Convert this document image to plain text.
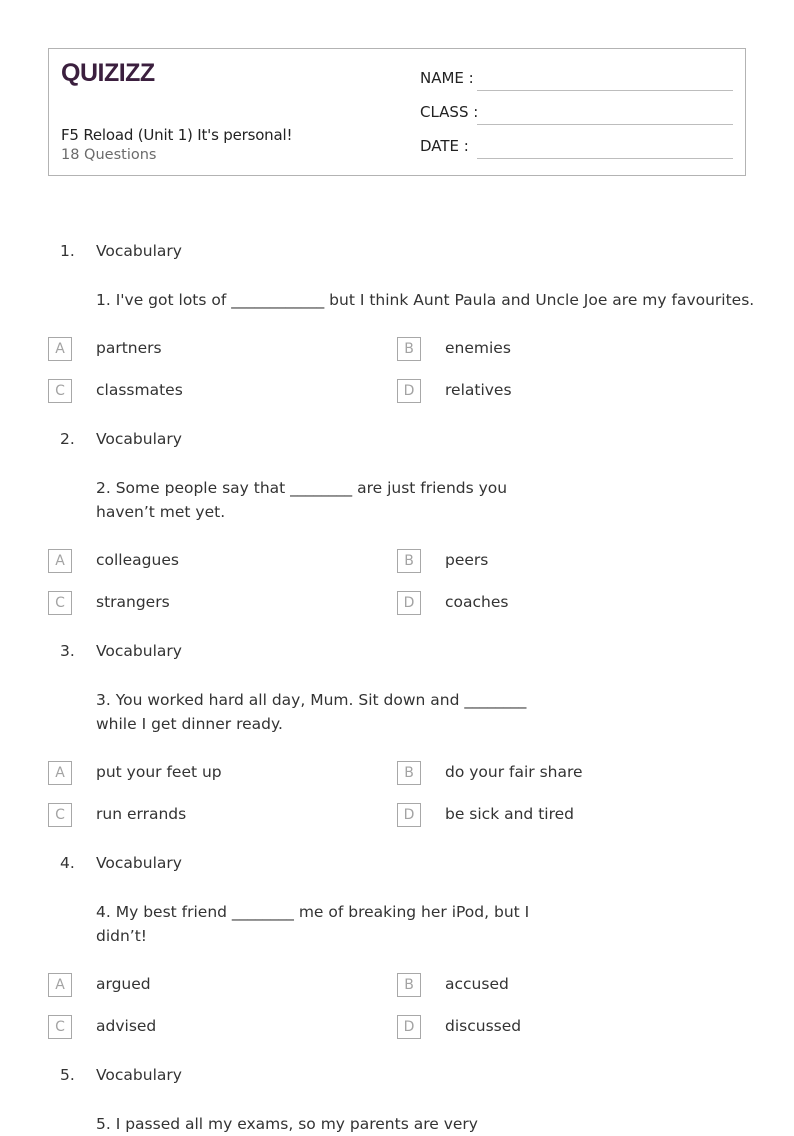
QUIZIZZ
F5 Reload (Unit 1) It's personal!
18 Questions
NAME :
CLASS :
DATE :
1. Vocabulary
1. I've got lots of ____________ but I think Aunt Paula and Uncle Joe are my favourites.
A	partners	B	enemies
C	classmates	D	relatives
2. Vocabulary
2. Some people say that ________ are just friends you
haven’t met yet.
A	colleagues	B	peers
C	strangers	D	coaches
3. Vocabulary
3. You worked hard all day, Mum. Sit down and ________
while I get dinner ready.
A	put your feet up	B	do your fair share
C	run errands	D	be sick and tired
4. Vocabulary
4. My best friend ________ me of breaking her iPod, but I
didn’t!
A	argued	B	accused
C	advised	D	discussed
5. Vocabulary
5. I passed all my exams, so my parents are very
